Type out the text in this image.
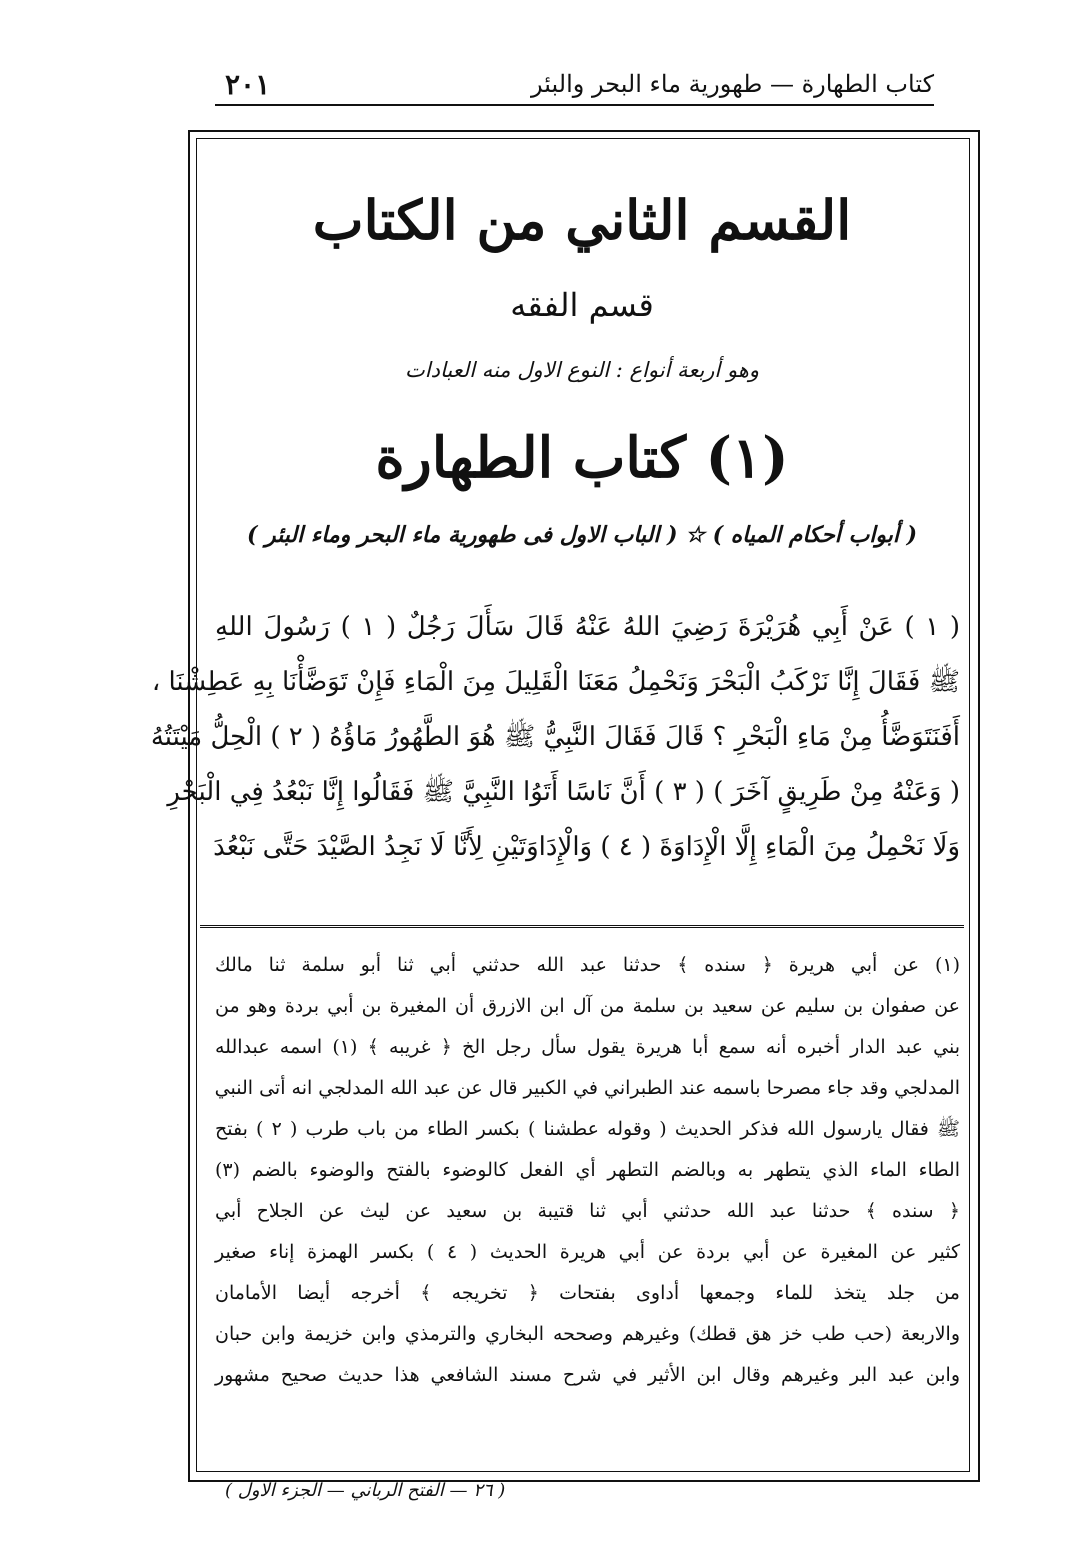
كتاب الطهارة — طهورية ماء البحر والبئر
٢٠١
القسم الثاني من الكتاب
قسم الفقه
وهو أربعة أنواع : النوع الاول منه العبادات
(١) كتاب الطهارة
( أبواب أحكام المياه ) ☆ ( الباب الاول فى طهورية ماء البحر وماء البئر )
( ١ ) عَنْ أَبِي هُرَيْرَةَ رَضِيَ اللهُ عَنْهُ قَالَ سَأَلَ رَجُلٌ ( ١ ) رَسُولَ اللهِ
ﷺ فَقَالَ إِنَّا نَرْكَبُ الْبَحْرَ وَنَحْمِلُ مَعَنَا الْقَلِيلَ مِنَ الْمَاءِ فَإِنْ تَوَضَّأْنَا بِهِ عَطِشْنَا ،
أَفَنَتَوَضَّأُ مِنْ مَاءِ الْبَحْرِ ؟ قَالَ فَقَالَ النَّبِيُّ ﷺ هُوَ الطَّهُورُ مَاؤُهُ ( ٢ ) الْحِلُّ مَيْتَتُهُ
( وَعَنْهُ مِنْ طَرِيقٍ آخَرَ ) ( ٣ ) أَنَّ نَاسًا أَتَوُا النَّبِيَّ ﷺ فَقَالُوا إِنَّا نَبْعُدُ فِي الْبَحْرِ
وَلَا نَحْمِلُ مِنَ الْمَاءِ إِلَّا الْإِدَاوَةَ ( ٤ ) وَالْإِدَاوَتَيْنِ لِأَنَّا لَا نَجِدُ الصَّيْدَ حَتَّى نَبْعُدَ
(١) عن أبي هريرة ﴿ سنده ﴾ حدثنا عبد الله حدثني أبي ثنا أبو سلمة ثنا مالك
عن صفوان بن سليم عن سعيد بن سلمة من آل ابن الازرق أن المغيرة بن أبي بردة وهو من
بني عبد الدار أخبره أنه سمع أبا هريرة يقول سأل رجل الخ ﴿ غريبه ﴾ (١) اسمه عبدالله
المدلجي وقد جاء مصرحا باسمه عند الطبراني في الكبير قال عن عبد الله المدلجي انه أتى النبي
ﷺ فقال يارسول الله فذكر الحديث ( وقوله عطشنا ) بكسر الطاء من باب طرب ( ٢ ) بفتح
الطاء الماء الذي يتطهر به وبالضم التطهر أي الفعل كالوضوء بالفتح والوضوء بالضم (٣)
﴿ سنده ﴾ حدثنا عبد الله حدثني أبي ثنا قتيبة بن سعيد عن ليث عن الجلاح أبي
كثير عن المغيرة عن أبي بردة عن أبي هريرة الحديث ( ٤ ) بكسر الهمزة إناء صغير
من جلد يتخذ للماء وجمعها أداوى بفتحات ﴿ تخريجه ﴾ أخرجه أيضا الأمامان
والاربعة (حب طب خز هق قطك) وغيرهم وصححه البخاري والترمذي وابن خزيمة وابن حبان
وابن عبد البر وغيرهم وقال ابن الأثير في شرح مسند الشافعي هذا حديث صحيح مشهور
( ٢٦ — الفتح الرباني — الجزء الاول )
